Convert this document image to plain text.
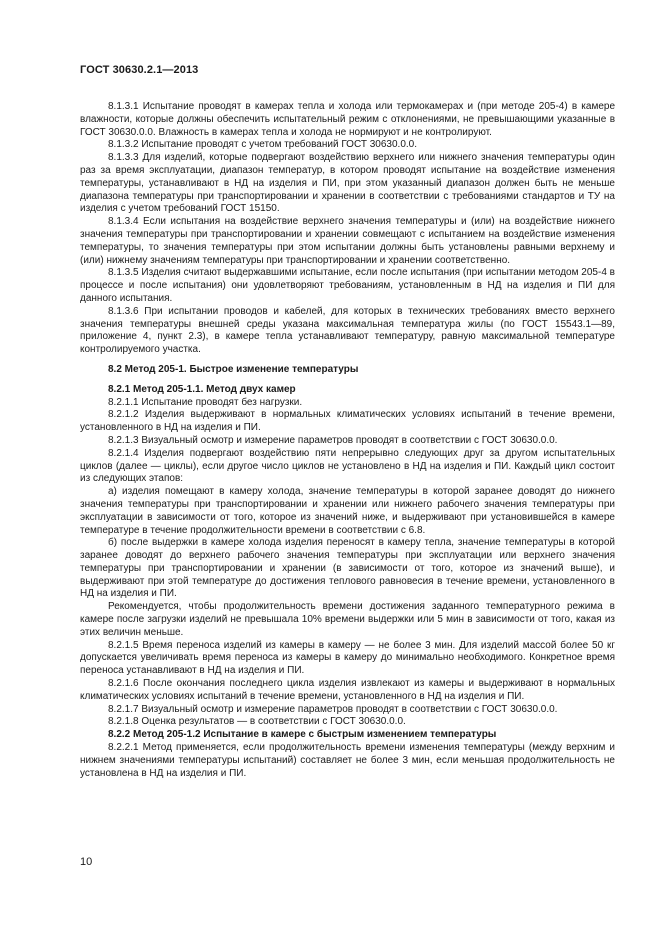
ГОСТ 30630.2.1—2013

8.1.3.1 Испытание проводят в камерах тепла и холода или термокамерах и (при методе 205-4) в камере влажности, которые должны обеспечить испытательный режим с отклонениями, не превышающими указанные в ГОСТ 30630.0.0. Влажность в камерах тепла и холода не нормируют и не контролируют.

8.1.3.2 Испытание проводят с учетом требований ГОСТ 30630.0.0.

8.1.3.3 Для изделий, которые подвергают воздействию верхнего или нижнего значения температуры один раз за время эксплуатации, диапазон температур, в котором проводят испытание на воздействие изменения температуры, устанавливают в НД на изделия и ПИ, при этом указанный диапазон должен быть не меньше диапазона температуры при транспортировании и хранении в соответствии с требованиями стандартов и ТУ на изделия с учетом требований ГОСТ 15150.

8.1.3.4 Если испытания на воздействие верхнего значения температуры и (или) на воздействие нижнего значения температуры при транспортировании и хранении совмещают с испытанием на воздействие изменения температуры, то значения температуры при этом испытании должны быть установлены равными верхнему и (или) нижнему значениям температуры при транспортировании и хранении соответственно.

8.1.3.5 Изделия считают выдержавшими испытание, если после испытания (при испытании методом 205-4 в процессе и после испытания) они удовлетворяют требованиям, установленным в НД на изделия и ПИ для данного испытания.

8.1.3.6 При испытании проводов и кабелей, для которых в технических требованиях вместо верхнего значения температуры внешней среды указана максимальная температура жилы (по ГОСТ 15543.1—89, приложение 4, пункт 2.3), в камере тепла устанавливают температуру, равную максимальной температуре контролируемого участка.

8.2 Метод 205-1. Быстрое изменение температуры

8.2.1 Метод 205-1.1. Метод двух камер

8.2.1.1 Испытание проводят без нагрузки.

8.2.1.2 Изделия выдерживают в нормальных климатических условиях испытаний в течение времени, установленного в НД на изделия и ПИ.

8.2.1.3 Визуальный осмотр и измерение параметров проводят в соответствии с ГОСТ 30630.0.0.

8.2.1.4 Изделия подвергают воздействию пяти непрерывно следующих друг за другом испытательных циклов (далее — циклы), если другое число циклов не установлено в НД на изделия и ПИ. Каждый цикл состоит из следующих этапов:

а) изделия помещают в камеру холода, значение температуры в которой заранее доводят до нижнего значения температуры при транспортировании и хранении или нижнего рабочего значения температуры при эксплуатации в зависимости от того, которое из значений ниже, и выдерживают при установившейся в камере температуре в течение продолжительности времени в соответствии с 6.8.

б) после выдержки в камере холода изделия переносят в камеру тепла, значение температуры в которой заранее доводят до верхнего рабочего значения температуры при эксплуатации или верхнего значения температуры при транспортировании и хранении (в зависимости от того, которое из значений выше), и выдерживают при этой температуре до достижения теплового равновесия в течение времени, установленного в НД на изделия и ПИ.

Рекомендуется, чтобы продолжительность времени достижения заданного температурного режима в камере после загрузки изделий не превышала 10% времени выдержки или 5 мин в зависимости от того, какая из этих величин меньше.

8.2.1.5 Время переноса изделий из камеры в камеру — не более 3 мин. Для изделий массой более 50 кг допускается увеличивать время переноса из камеры в камеру до минимально необходимого. Конкретное время переноса устанавливают в НД на изделия и ПИ.

8.2.1.6 После окончания последнего цикла изделия извлекают из камеры и выдерживают в нормальных климатических условиях испытаний в течение времени, установленного в НД на изделия и ПИ.

8.2.1.7 Визуальный осмотр и измерение параметров проводят в соответствии с ГОСТ 30630.0.0.

8.2.1.8 Оценка результатов — в соответствии с ГОСТ 30630.0.0.

8.2.2 Метод 205-1.2 Испытание в камере с быстрым изменением температуры

8.2.2.1 Метод применяется, если продолжительность времени изменения температуры (между верхним и нижнем значениями температуры испытаний) составляет не более 3 мин, если меньшая продолжительность не установлена в НД на изделия и ПИ.

10
